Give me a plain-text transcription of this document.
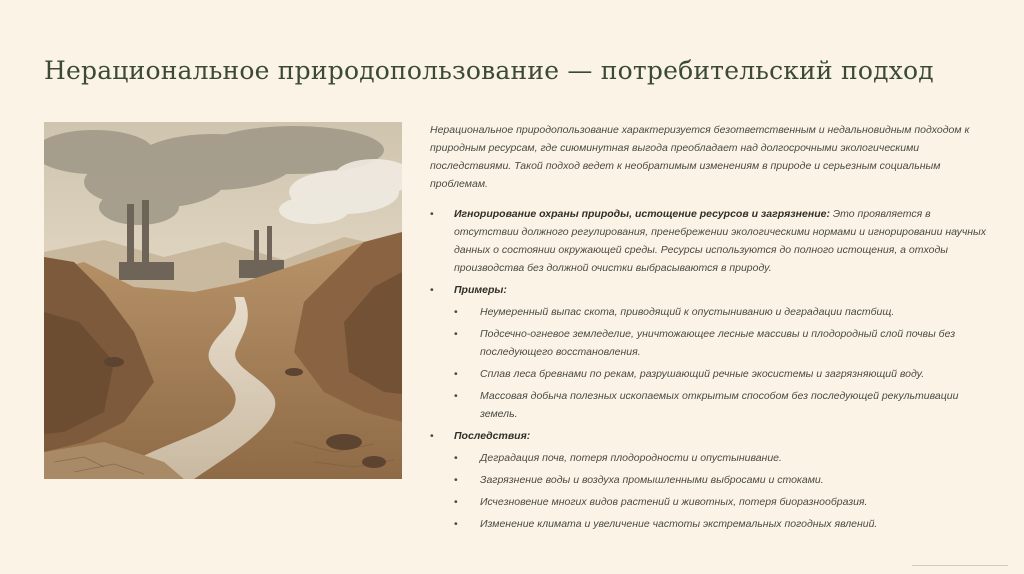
Нерациональное природопользование — потребительский подход

Нерациональное природопользование характеризуется безответственным и недальновидным подходом к природным ресурсам, где сиюминутная выгода преобладает над долгосрочными экологическими последствиями. Такой подход ведет к необратимым изменениям в природе и серьезным социальным проблемам.

• Игнорирование охраны природы, истощение ресурсов и загрязнение: Это проявляется в отсутствии должного регулирования, пренебрежении экологическими нормами и игнорировании научных данных о состоянии окружающей среды. Ресурсы используются до полного истощения, а отходы производства без должной очистки выбрасываются в природу.
• Примеры:
• Неумеренный выпас скота, приводящий к опустыниванию и деградации пастбищ.
• Подсечно-огневое земледелие, уничтожающее лесные массивы и плодородный слой почвы без последующего восстановления.
• Сплав леса бревнами по рекам, разрушающий речные экосистемы и загрязняющий воду.
• Массовая добыча полезных ископаемых открытым способом без последующей рекультивации земель.
• Последствия:
• Деградация почв, потеря плодородности и опустынивание.
• Загрязнение воды и воздуха промышленными выбросами и стоками.
• Исчезновение многих видов растений и животных, потеря биоразнообразия.
• Изменение климата и увеличение частоты экстремальных погодных явлений.
